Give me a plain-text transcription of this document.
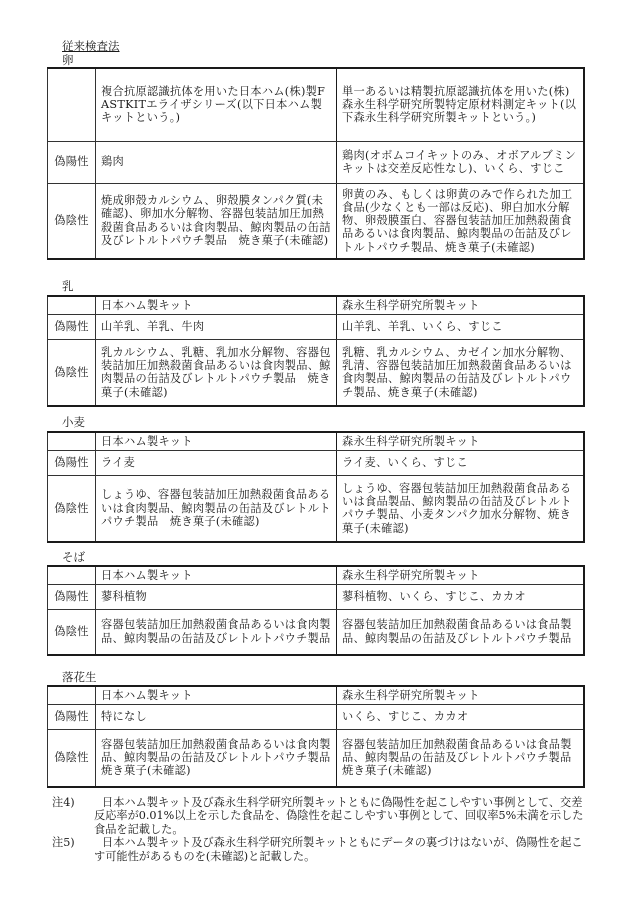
従来検査法
卵
	複合抗原認識抗体を用いた日本ハム(株)製FASTKITエライザシリーズ(以下日本ハム製キットという。)	単一あるいは精製抗原認識抗体を用いた(株)森永生科学研究所製特定原材料測定キット(以下森永生科学研究所製キットという。)
偽陽性	鶏肉	鶏肉(オボムコイキットのみ、オボアルブミンキットは交差反応性なし)、いくら、すじこ
偽陰性	焼成卵殻カルシウム、卵殻膜タンパク質(未確認)、卵加水分解物、容器包装詰加圧加熱殺菌食品あるいは食肉製品、鯨肉製品の缶詰及びレトルトパウチ製品　焼き菓子(未確認)	卵黄のみ、もしくは卵黄のみで作られた加工食品(少なくとも一部は反応)、卵白加水分解物、卵殻膜蛋白、容器包装詰加圧加熱殺菌食品あるいは食肉製品、鯨肉製品の缶詰及びレトルトパウチ製品、焼き菓子(未確認)
乳
	日本ハム製キット	森永生科学研究所製キット
偽陽性	山羊乳、羊乳、牛肉	山羊乳、羊乳、いくら、すじこ
偽陰性	乳カルシウム、乳糖、乳加水分解物、容器包装詰加圧加熱殺菌食品あるいは食肉製品、鯨肉製品の缶詰及びレトルトパウチ製品　焼き菓子(未確認)	乳糖、乳カルシウム、カゼイン加水分解物、乳清、容器包装詰加圧加熱殺菌食品あるいは食肉製品、鯨肉製品の缶詰及びレトルトパウチ製品、焼き菓子(未確認)
小麦
	日本ハム製キット	森永生科学研究所製キット
偽陽性	ライ麦	ライ麦、いくら、すじこ
偽陰性	しょうゆ、容器包装詰加圧加熱殺菌食品あるいは食肉製品、鯨肉製品の缶詰及びレトルトパウチ製品　焼き菓子(未確認)	しょうゆ、容器包装詰加圧加熱殺菌食品あるいは食品製品、鯨肉製品の缶詰及びレトルトパウチ製品、小麦タンパク加水分解物、焼き菓子(未確認)
そば
	日本ハム製キット	森永生科学研究所製キット
偽陽性	蓼科植物	蓼科植物、いくら、すじこ、カカオ
偽陰性	容器包装詰加圧加熱殺菌食品あるいは食肉製品、鯨肉製品の缶詰及びレトルトパウチ製品	容器包装詰加圧加熱殺菌食品あるいは食品製品、鯨肉製品の缶詰及びレトルトパウチ製品
落花生
	日本ハム製キット	森永生科学研究所製キット
偽陽性	特になし	いくら、すじこ、カカオ
偽陰性	容器包装詰加圧加熱殺菌食品あるいは食肉製品、鯨肉製品の缶詰及びレトルトパウチ製品　焼き菓子(未確認)	容器包装詰加圧加熱殺菌食品あるいは食品製品、鯨肉製品の缶詰及びレトルトパウチ製品　焼き菓子(未確認)
注4)	日本ハム製キット及び森永生科学研究所製キットともに偽陽性を起こしやすい事例として、交差反応率が0.01%以上を示した食品を、偽陰性を起こしやすい事例として、回収率5%未満を示した食品を記載した。
注5)	日本ハム製キット及び森永生科学研究所製キットともにデータの裏づけはないが、偽陽性を起こす可能性があるものを(未確認)と記載した。
